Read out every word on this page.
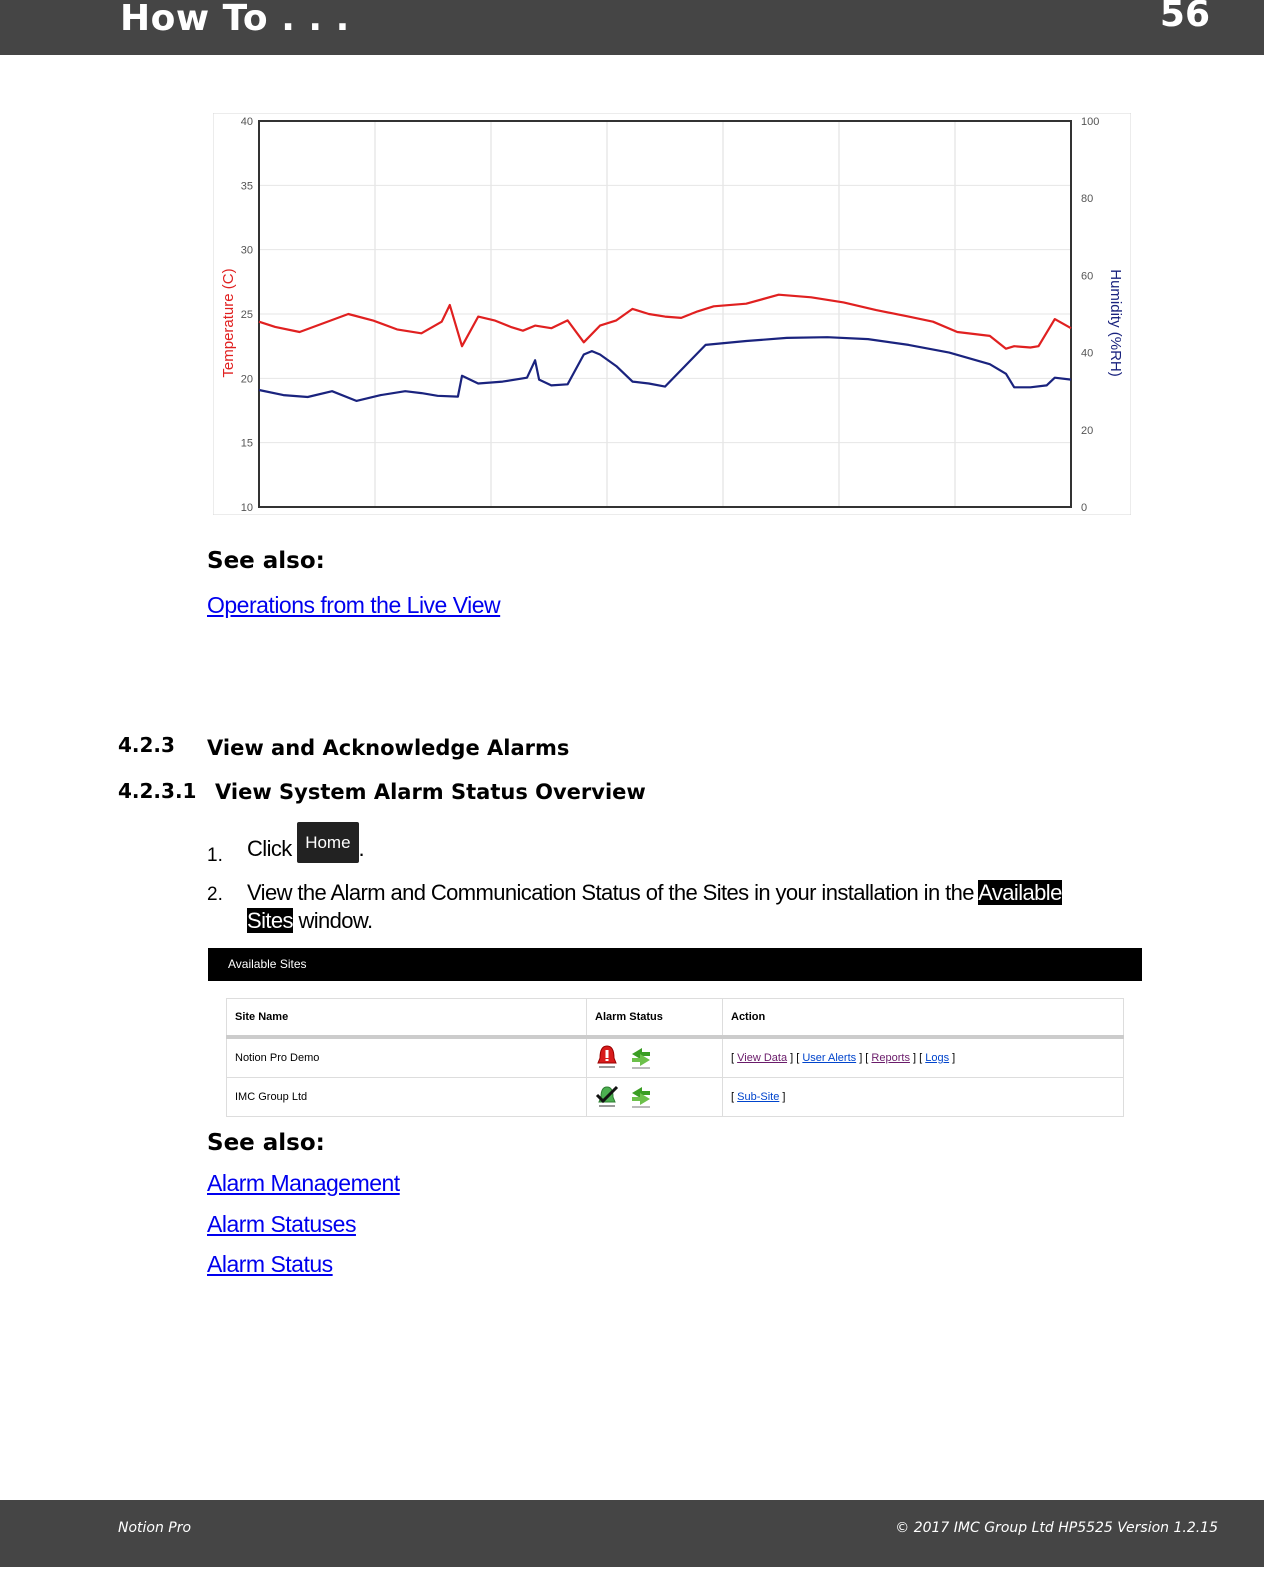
How To . . .	56
10
15
20
25
30
35
40
0
20
40
60
80
100
Temperature (C)	Humidity (%RH)
See also:
Operations from the Live View
4.2.3 View and Acknowledge Alarms
4.2.3.1 View System Alarm Status Overview
1. Click Home .
2. View the Alarm and Communication Status of the Sites in your installation in the Available
Sites window.
Available Sites
Site Name	Alarm Status	Action
Notion Pro Demo		[ View Data ] [ User Alerts ] [ Reports ] [ Logs ]
IMC Group Ltd		[ Sub-Site ]
See also:
Alarm Management
Alarm Statuses
Alarm Status
Notion Pro	© 2017 IMC Group Ltd HP5525 Version 1.2.15
